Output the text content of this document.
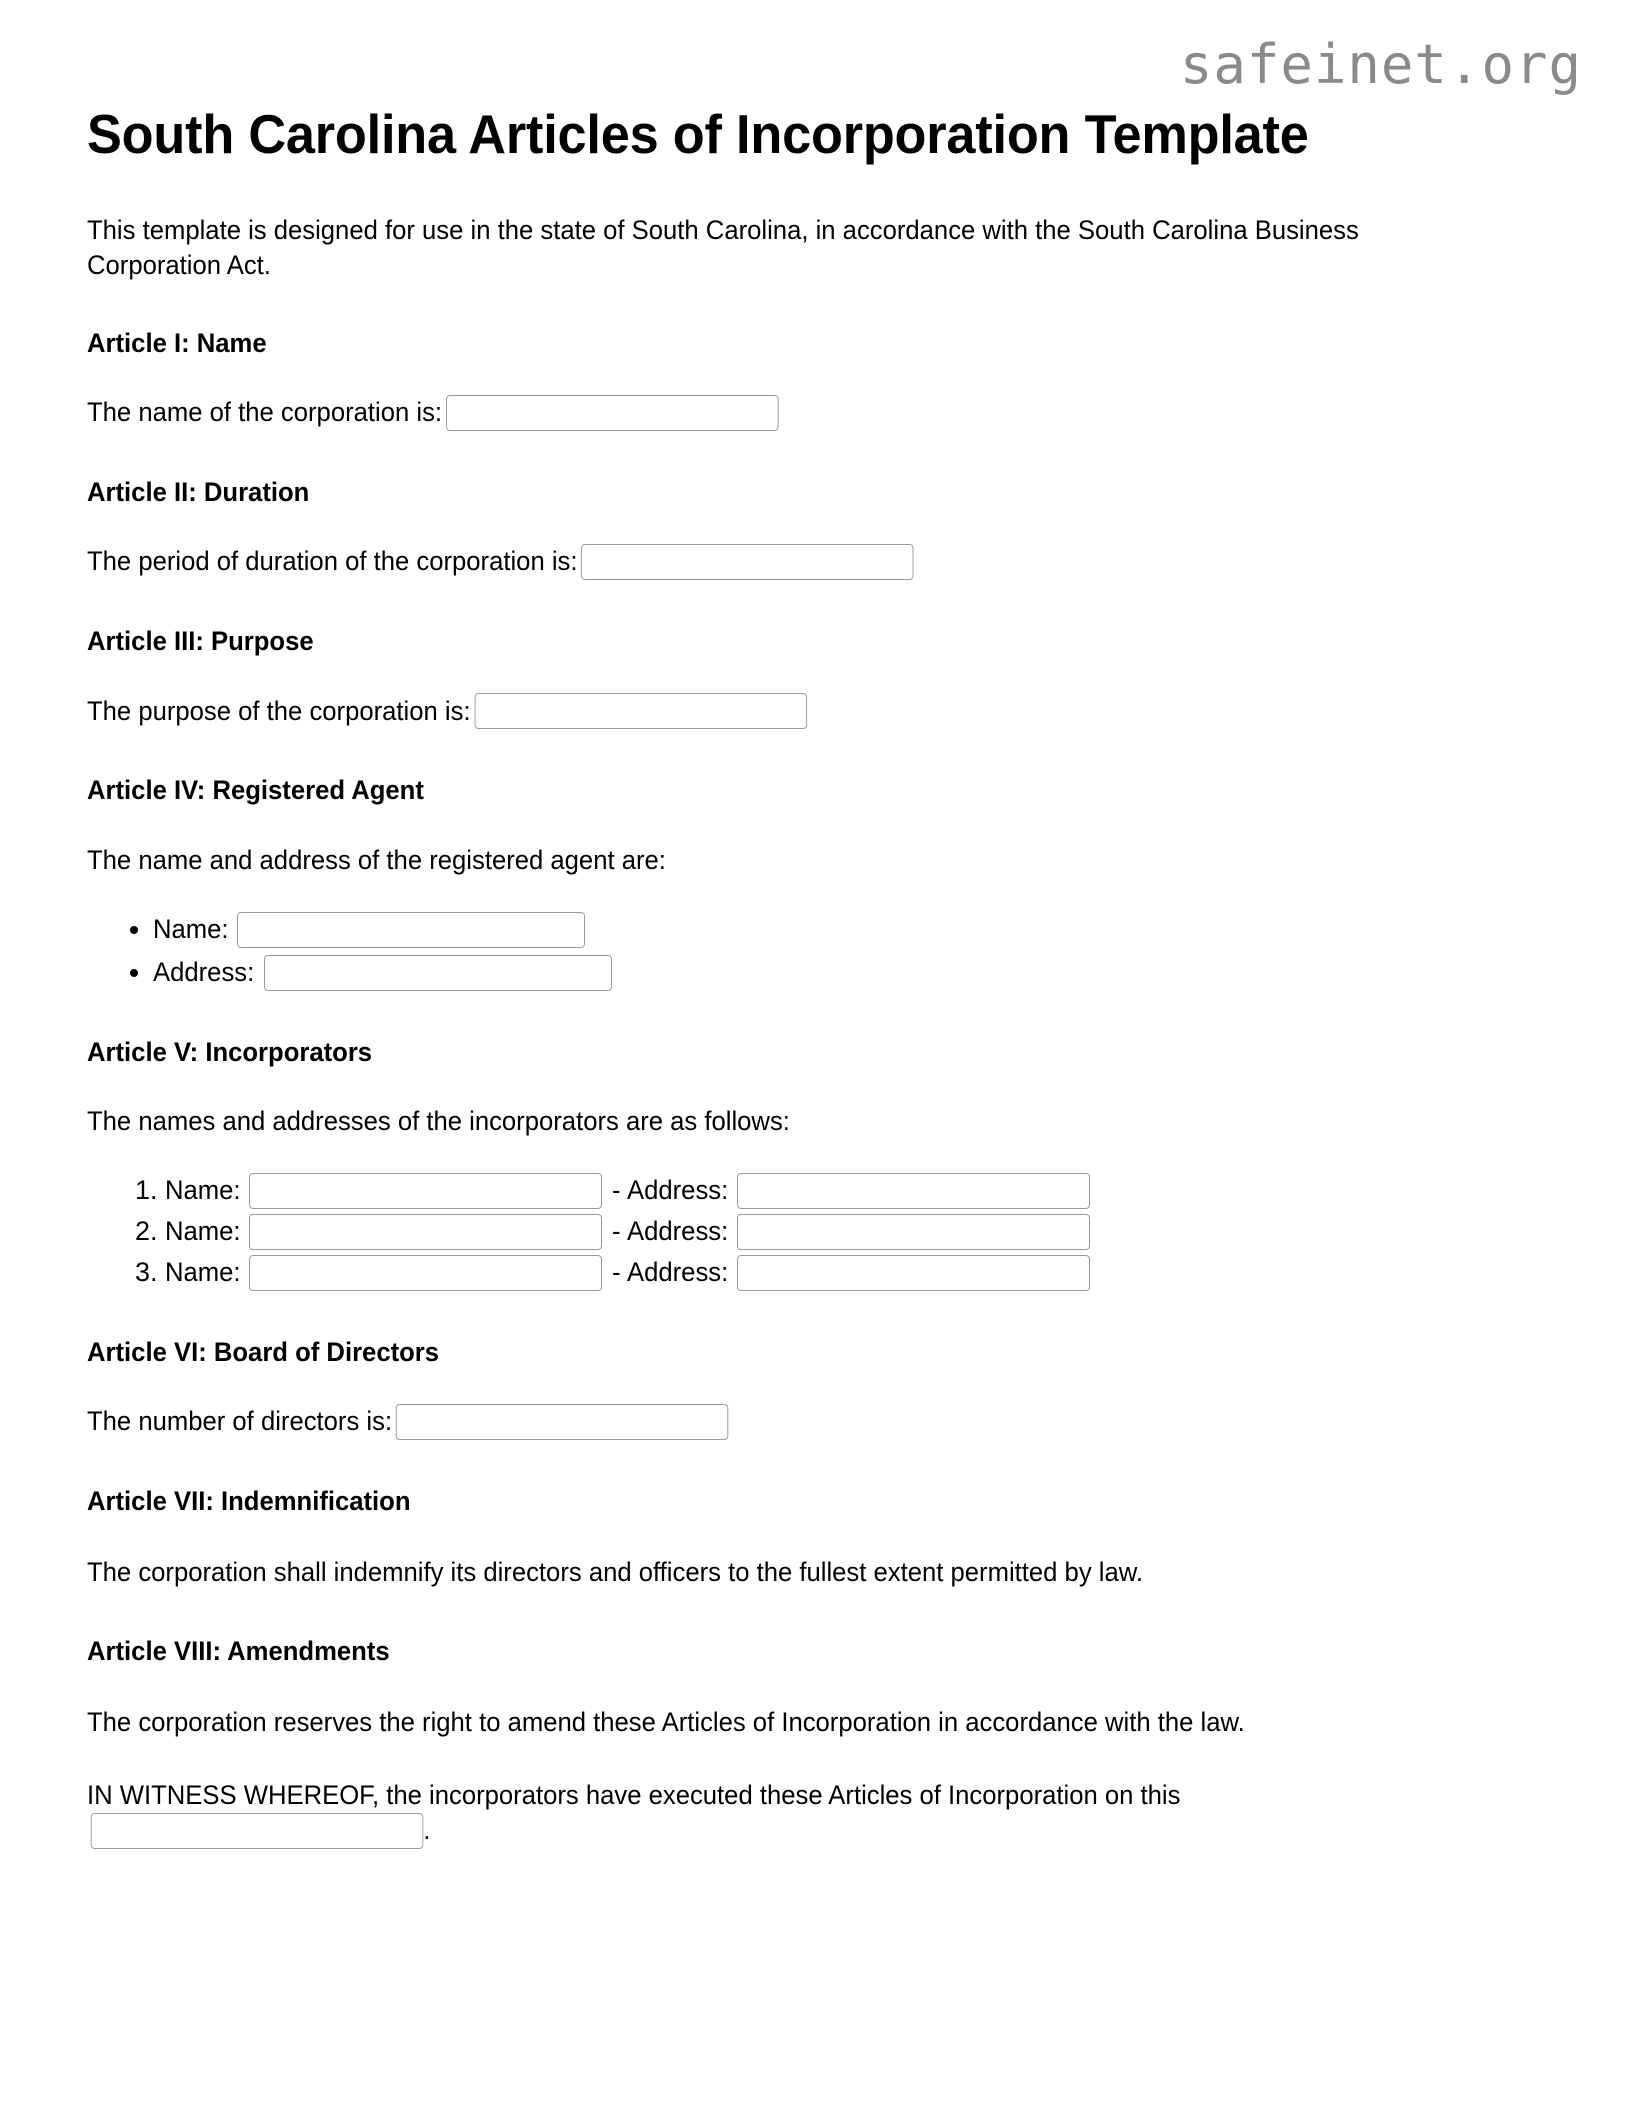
safeinet.org
South Carolina Articles of Incorporation Template

This template is designed for use in the state of South Carolina, in accordance with the South Carolina Business Corporation Act.

Article I: Name

The name of the corporation is:

Article II: Duration

The period of duration of the corporation is:

Article III: Purpose

The purpose of the corporation is:

Article IV: Registered Agent

The name and address of the registered agent are:

• Name:
• Address:
Article V: Incorporators

The names and addresses of the incorporators are as follows:

1. Name:	- Address:
2. Name:	- Address:
3. Name:	- Address:
Article VI: Board of Directors

The number of directors is:

Article VII: Indemnification

The corporation shall indemnify its directors and officers to the fullest extent permitted by law.

Article VIII: Amendments

The corporation reserves the right to amend these Articles of Incorporation in accordance with the law.

IN WITNESS WHEREOF, the incorporators have executed these Articles of Incorporation on this.
